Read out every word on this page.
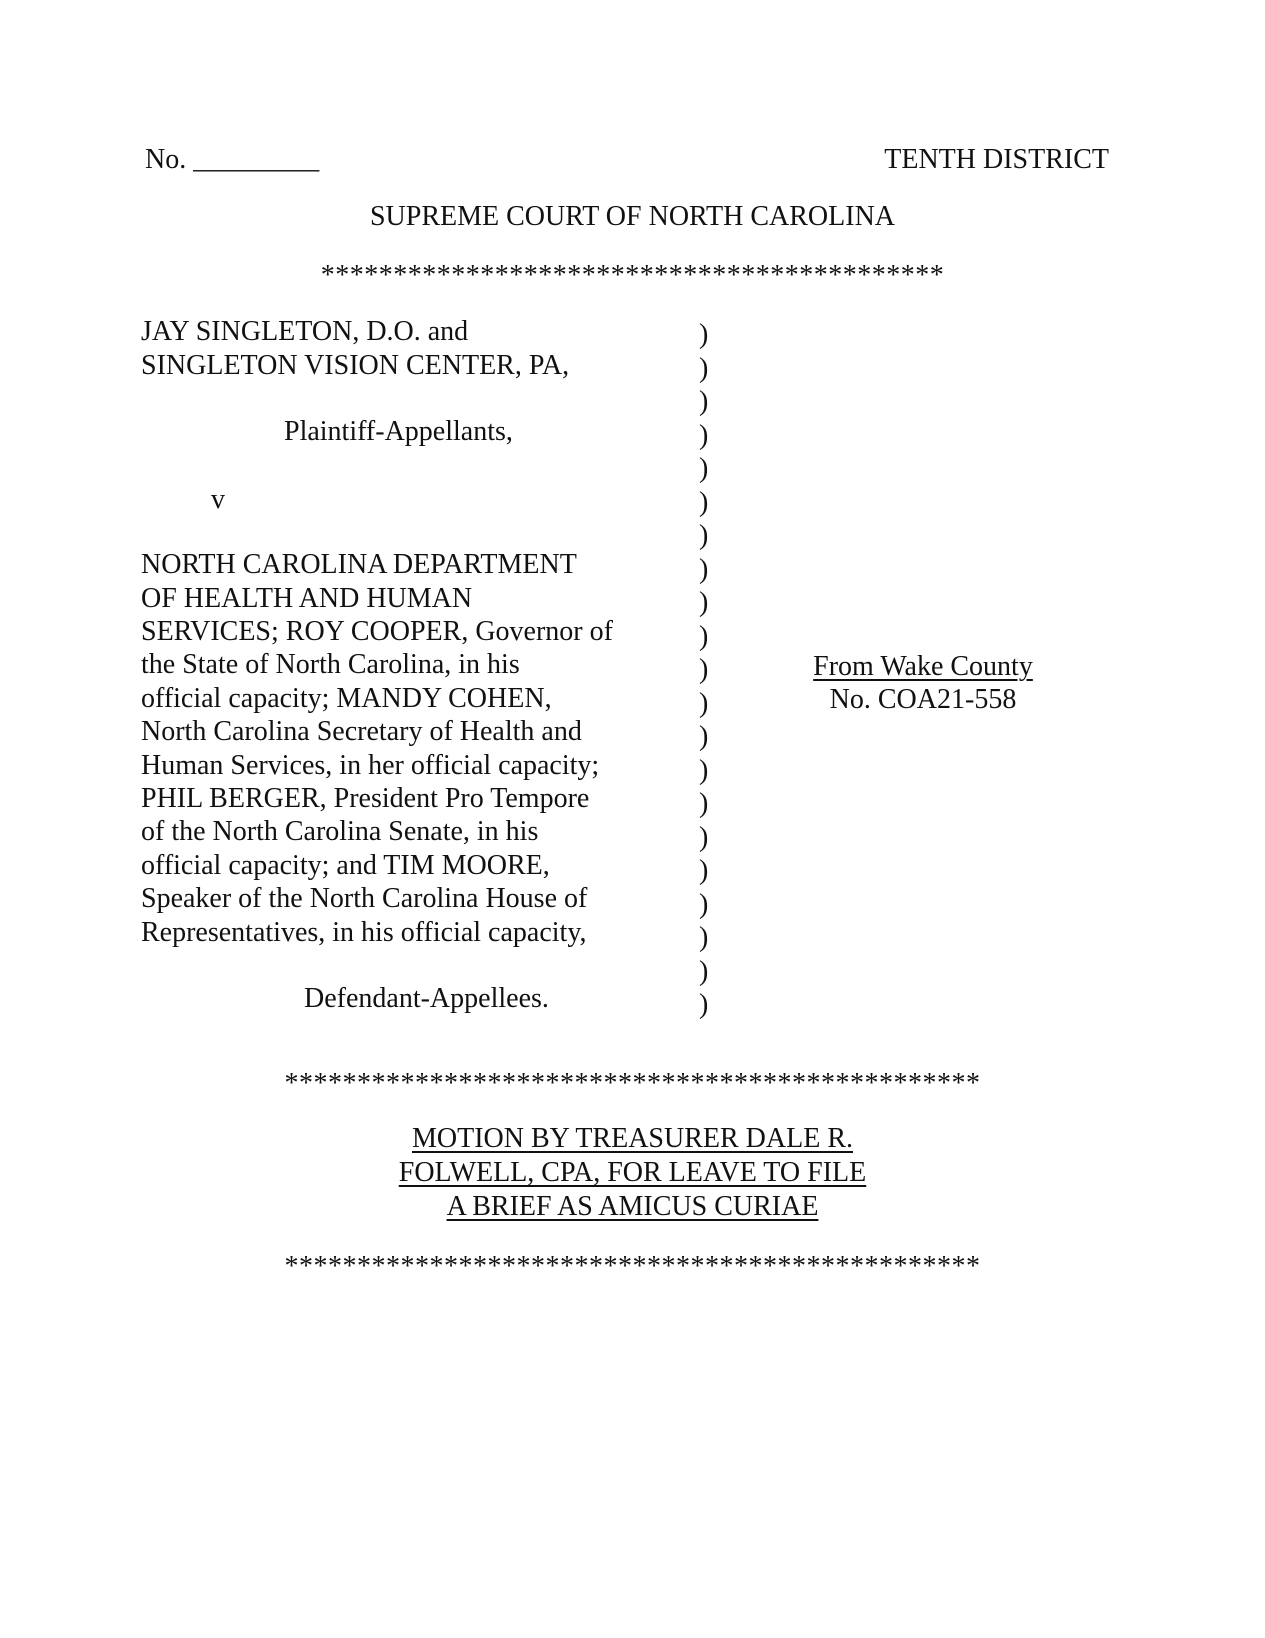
No. _________	TENTH DISTRICT
SUPREME COURT OF NORTH CAROLINA
*******************************************
JAY SINGLETON, D.O. and
SINGLETON VISION CENTER, PA,
Plaintiff-Appellants,
v
NORTH CAROLINA DEPARTMENT
OF HEALTH AND HUMAN
SERVICES; ROY COOPER, Governor of
the State of North Carolina, in his
official capacity; MANDY COHEN,
North Carolina Secretary of Health and
Human Services, in her official capacity;
PHIL BERGER, President Pro Tempore
of the North Carolina Senate, in his
official capacity; and TIM MOORE,
Speaker of the North Carolina House of
Representatives, in his official capacity,
Defendant-Appellees.
)
)
)
)
)
)
)
)
)
)
)
)
)
)
)
)
)
)
)
)
)
From Wake County
No. COA21-558
************************************************
MOTION BY TREASURER DALE R.
FOLWELL, CPA, FOR LEAVE TO FILE
A BRIEF AS AMICUS CURIAE
************************************************
